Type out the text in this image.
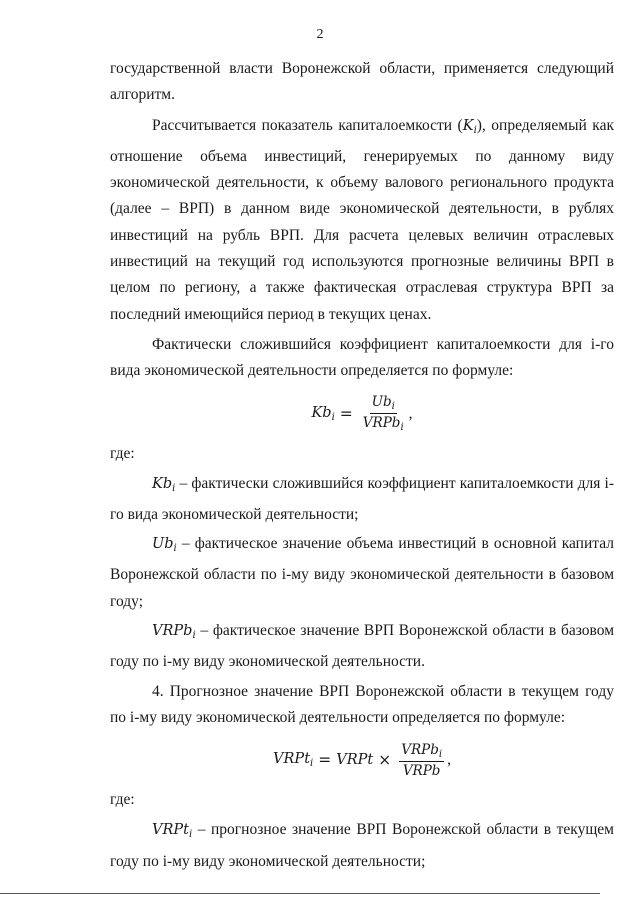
2

государственной власти Воронежской области, применяется следующий алгоритм.

Рассчитывается показатель капиталоемкости $(K_i)$, определяемый как отношение объема инвестиций, генерируемых по данному виду экономической деятельности, к объему валового регионального продукта (далее – ВРП) в данном виде экономической деятельности, в рублях инвестиций на рубль ВРП. Для расчета целевых величин отраслевых инвестиций на текущий год используются прогнозные величины ВРП в целом по региону, а также фактическая отраслевая структура ВРП за последний имеющийся период в текущих ценах.

Фактически сложившийся коэффициент капиталоемкости для i-го вида экономической деятельности определяется по формуле:

$Kb_i = \frac{Ub_i}{VRPb_i}$ ,

где:

$Kb_i$ – фактически сложившийся коэффициент капиталоемкости для i-го вида экономической деятельности;

$Ub_i$ – фактическое значение объема инвестиций в основной капитал Воронежской области по i-му виду экономической деятельности в базовом году;

VRPb$_i$ – фактическое значение ВРП Воронежской области в базовом году по i-му виду экономической деятельности.

4. Прогнозное значение ВРП Воронежской области в текущем году по i-му виду экономической деятельности определяется по формуле:

VRPt$_i$ = VRPt × $\frac{VRPb_i}{\text{VRPb}}$ ,

где:

VRPt$_i$ – прогнозное значение ВРП Воронежской области в текущем году по i-му виду экономической деятельности;
